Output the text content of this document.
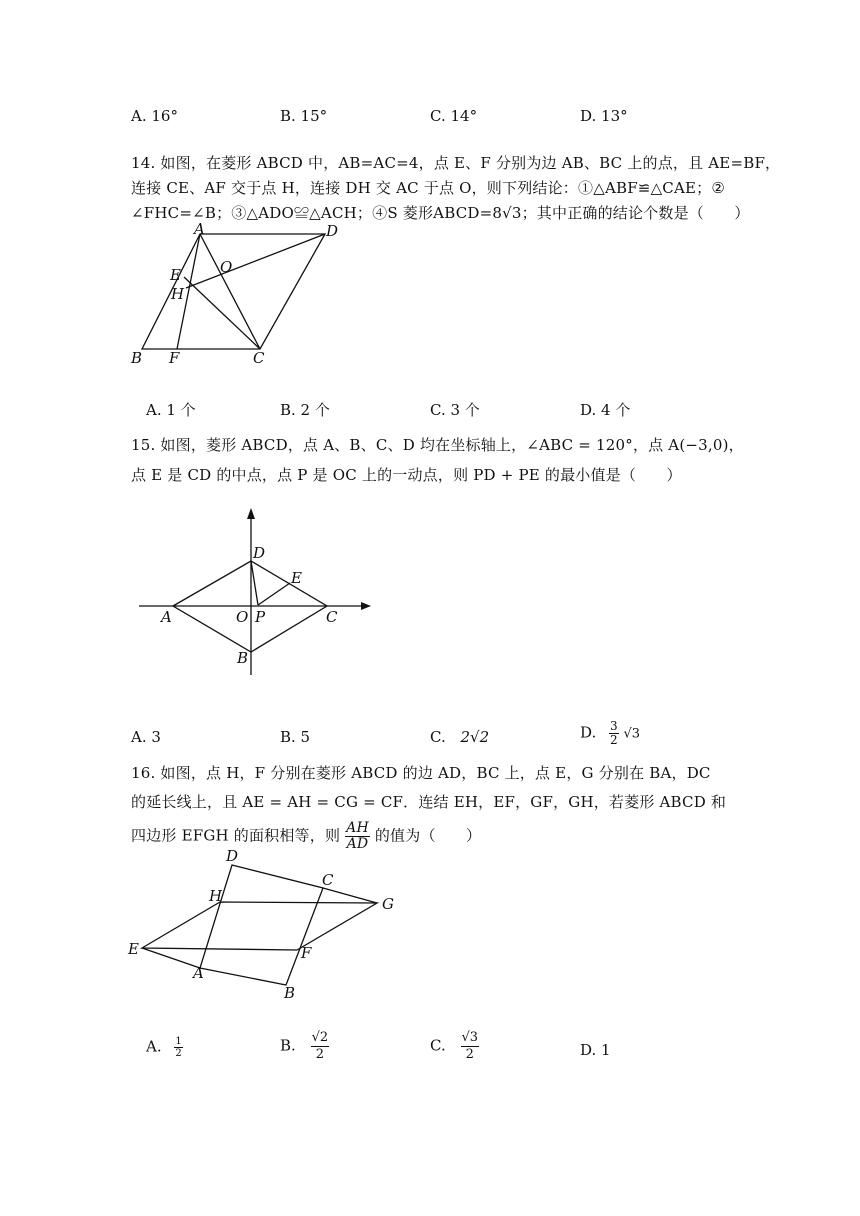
A. 16°	B. 15°	C. 14°	D. 13°
14. 如图，在菱形 ABCD 中，AB=AC=4，点 E、F 分别为边 AB、BC 上的点，且 AE=BF，
连接 CE、AF 交于点 H，连接 DH 交 AC 于点 O，则下列结论：①△ABF≌△CAE；②
∠FHC=∠B；③△ADO≌△ACH；④S 菱形ABCD=8√3；其中正确的结论个数是（　　）
A	D
E
H
O
B F	C
A. 1 个	B. 2 个	C. 3 个	D. 4 个
15. 如图，菱形 ABCD，点 A、B、C、D 均在坐标轴上，∠ABC = 120°，点 A(−3,0)，
点 E 是 CD 的中点，点 P 是 OC 上的一动点，则 PD + PE 的最小值是（　　）
D
E
A	O P	C
B
A. 3	B. 5	C. 2√2	D. $\frac{3}{2} √3$
16. 如图，点 H，F 分别在菱形 ABCD 的边 AD，BC 上，点 E，G 分别在 BA，DC
的延长线上，且 AE = AH = CG = CF．连结 EH，EF，GF，GH，若菱形 ABCD 和
四边形 EFGH 的面积相等，则 $\frac{AH}{AD}$ 的值为（　　）
D
C
H	G
E	F
A
B
A. $\frac{1}{2}$	B. $\frac{√2}{2}$	C. $\frac{√3}{2}$	D. 1
